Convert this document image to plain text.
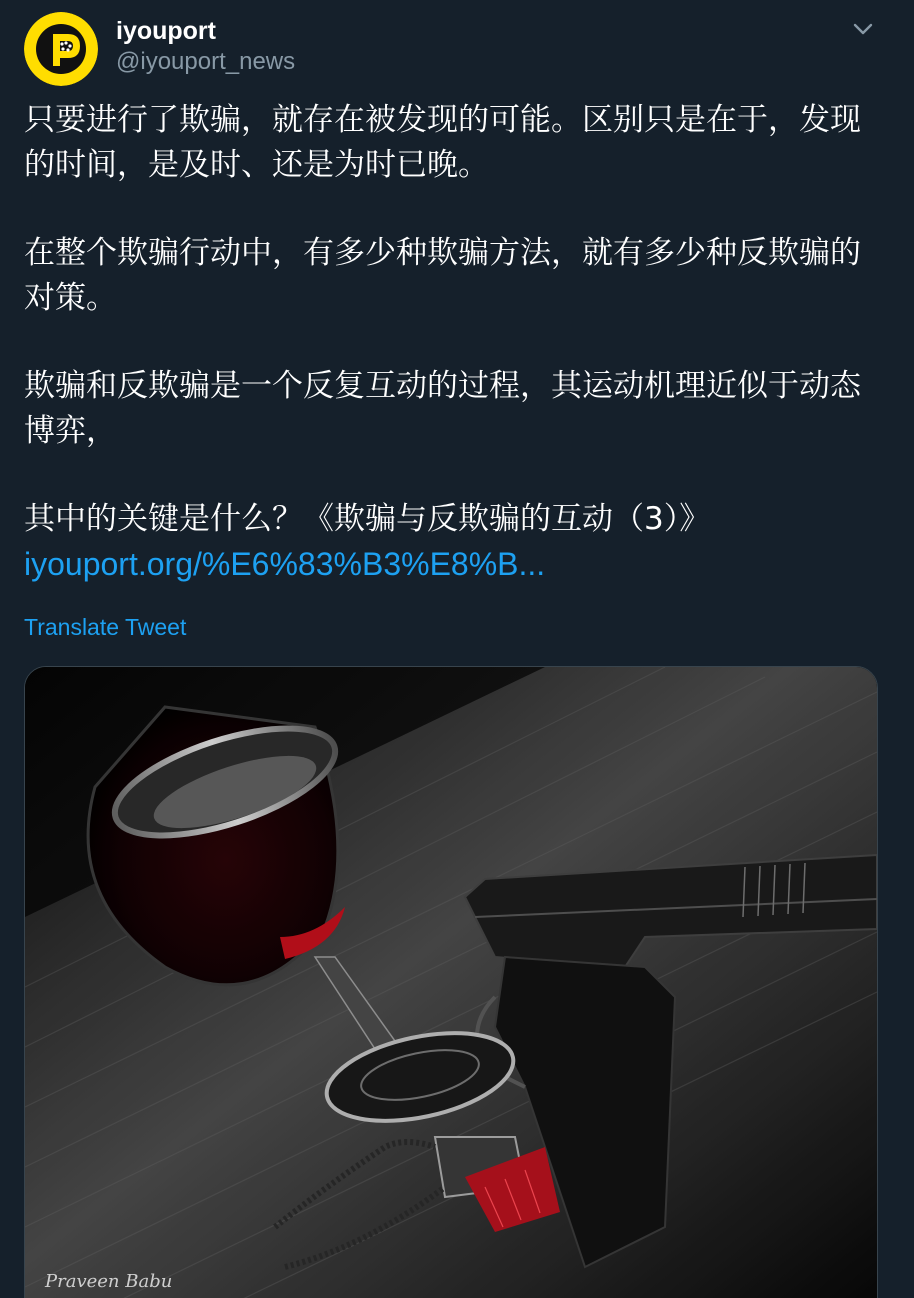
iyouport
@iyouport_news

只要进行了欺骗，就存在被发现的可能。区别只是在于，发现的时间，是及时、还是为时已晚。

在整个欺骗行动中，有多少种欺骗方法，就有多少种反欺骗的对策。

欺骗和反欺骗是一个反复互动的过程，其运动机理近似于动态博弈，

其中的关键是什么？《欺骗与反欺骗的互动（3）》

iyouport.org/%E6%83%B3%E8%B...

Translate Tweet
Praveen Babu
